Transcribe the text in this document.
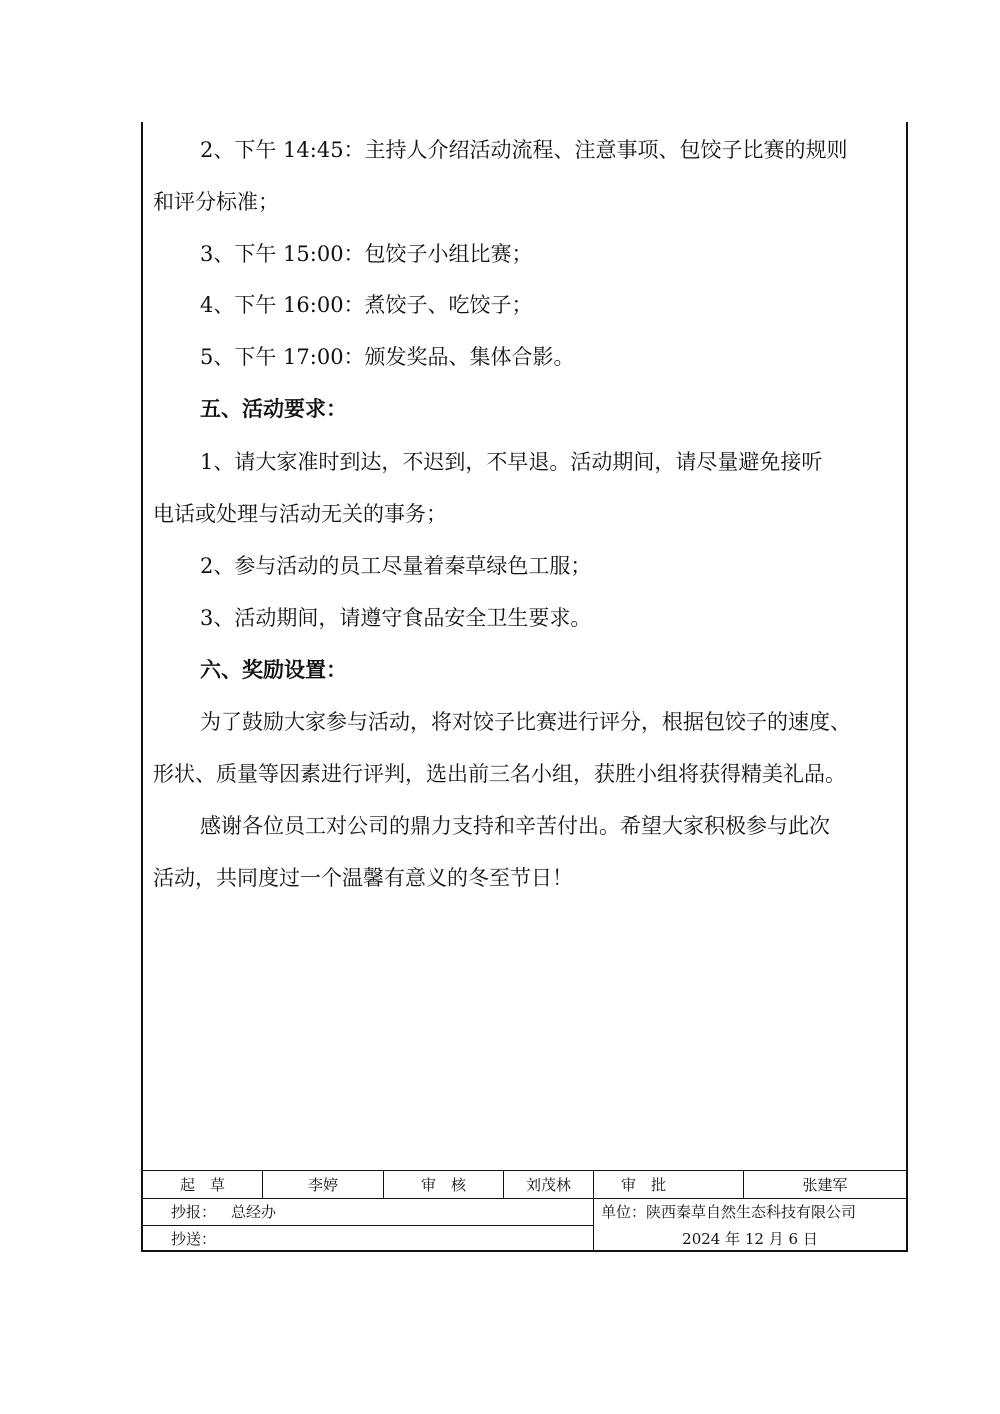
2、下午 14:45：主持人介绍活动流程、注意事项、包饺子比赛的规则
和评分标准；
3、下午 15:00：包饺子小组比赛；
4、下午 16:00：煮饺子、吃饺子；
5、下午 17:00：颁发奖品、集体合影。
五、活动要求：
1、请大家准时到达，不迟到，不早退。活动期间，请尽量避免接听
电话或处理与活动无关的事务；
2、参与活动的员工尽量着秦草绿色工服；
3、活动期间，请遵守食品安全卫生要求。
六、奖励设置：
为了鼓励大家参与活动，将对饺子比赛进行评分，根据包饺子的速度、
形状、质量等因素进行评判，选出前三名小组，获胜小组将获得精美礼品。
感谢各位员工对公司的鼎力支持和辛苦付出。希望大家积极参与此次
活动，共同度过一个温馨有意义的冬至节日！
起　草	李婷	审　核	刘茂林	审　批	张建军
抄报： 总经办	单位：陕西秦草自然生态科技有限公司
抄送：	2024 年 12 月 6 日
